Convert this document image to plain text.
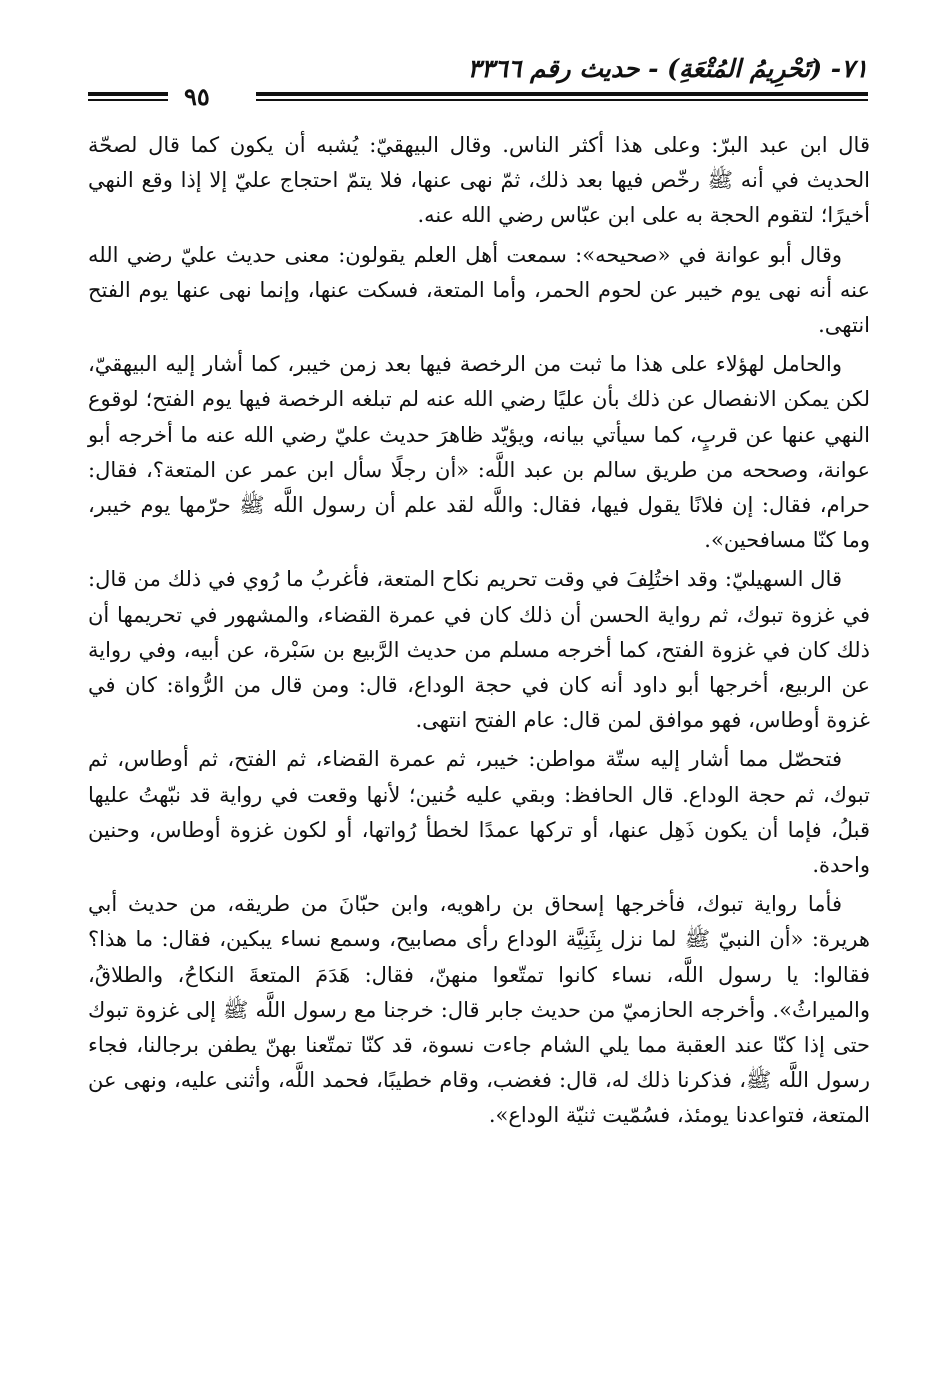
٧١- (تَحْرِيمُ المُتْعَةِ) - حديث رقم ٣٣٦٦
٩٥

قال ابن عبد البرّ: وعلى هذا أكثر الناس. وقال البيهقيّ: يُشبه أن يكون كما قال لصحّة الحديث في أنه ﷺ رخّص فيها بعد ذلك، ثمّ نهى عنها، فلا يتمّ احتجاج عليّ إلا إذا وقع النهي أخيرًا؛ لتقوم الحجة به على ابن عبّاس رضي الله عنه.

وقال أبو عوانة في «صحيحه»: سمعت أهل العلم يقولون: معنى حديث عليّ رضي الله عنه أنه نهى يوم خيبر عن لحوم الحمر، وأما المتعة، فسكت عنها، وإنما نهى عنها يوم الفتح انتهى.

والحامل لهؤلاء على هذا ما ثبت من الرخصة فيها بعد زمن خيبر، كما أشار إليه البيهقيّ، لكن يمكن الانفصال عن ذلك بأن عليًا رضي الله عنه لم تبلغه الرخصة فيها يوم الفتح؛ لوقوع النهي عنها عن قربٍ، كما سيأتي بيانه، ويؤيّد ظاهرَ حديث عليّ رضي الله عنه ما أخرجه أبو عوانة، وصححه من طريق سالم بن عبد اللَّه: «أن رجلًا سأل ابن عمر عن المتعة؟، فقال: حرام، فقال: إن فلانًا يقول فيها، فقال: واللَّه لقد علم أن رسول اللَّه ﷺ حرّمها يوم خيبر، وما كنّا مسافحين».

قال السهيليّ: وقد اختُلِفَ في وقت تحريم نكاح المتعة، فأغربُ ما رُوي في ذلك من قال: في غزوة تبوك، ثم رواية الحسن أن ذلك كان في عمرة القضاء، والمشهور في تحريمها أن ذلك كان في غزوة الفتح، كما أخرجه مسلم من حديث الرَّبيع بن سَبْرة، عن أبيه، وفي رواية عن الربيع، أخرجها أبو داود أنه كان في حجة الوداع، قال: ومن قال من الرُّواة: كان في غزوة أوطاس، فهو موافق لمن قال: عام الفتح انتهى.

فتحصّل مما أشار إليه ستّة مواطن: خيبر، ثم عمرة القضاء، ثم الفتح، ثم أوطاس، ثم تبوك، ثم حجة الوداع. قال الحافظ: وبقي عليه حُنين؛ لأنها وقعت في رواية قد نبّهتُ عليها قبلُ، فإما أن يكون ذَهِل عنها، أو تركها عمدًا لخطأ رُواتها، أو لكون غزوة أوطاس، وحنين واحدة.

فأما رواية تبوك، فأخرجها إسحاق بن راهويه، وابن حبّانَ من طريقه، من حديث أبي هريرة: «أن النبيّ ﷺ لما نزل بِثَنِيَّة الوداع رأى مصابيح، وسمع نساء يبكين، فقال: ما هذا؟ فقالوا: يا رسول اللَّه، نساء كانوا تمتّعوا منهنّ، فقال: هَدَمَ المتعةَ النكاحُ، والطلاقُ، والميراثُ». وأخرجه الحازميّ من حديث جابر قال: خرجنا مع رسول اللَّه ﷺ إلى غزوة تبوك حتى إذا كنّا عند العقبة مما يلي الشام جاءت نسوة، قد كنّا تمتّعنا بهنّ يطفن برجالنا، فجاء رسول اللَّه ﷺ، فذكرنا ذلك له، قال: فغضب، وقام خطيبًا، فحمد اللَّه، وأثنى عليه، ونهى عن المتعة، فتواعدنا يومئذ، فسُمّيت ثنيّة الوداع».
